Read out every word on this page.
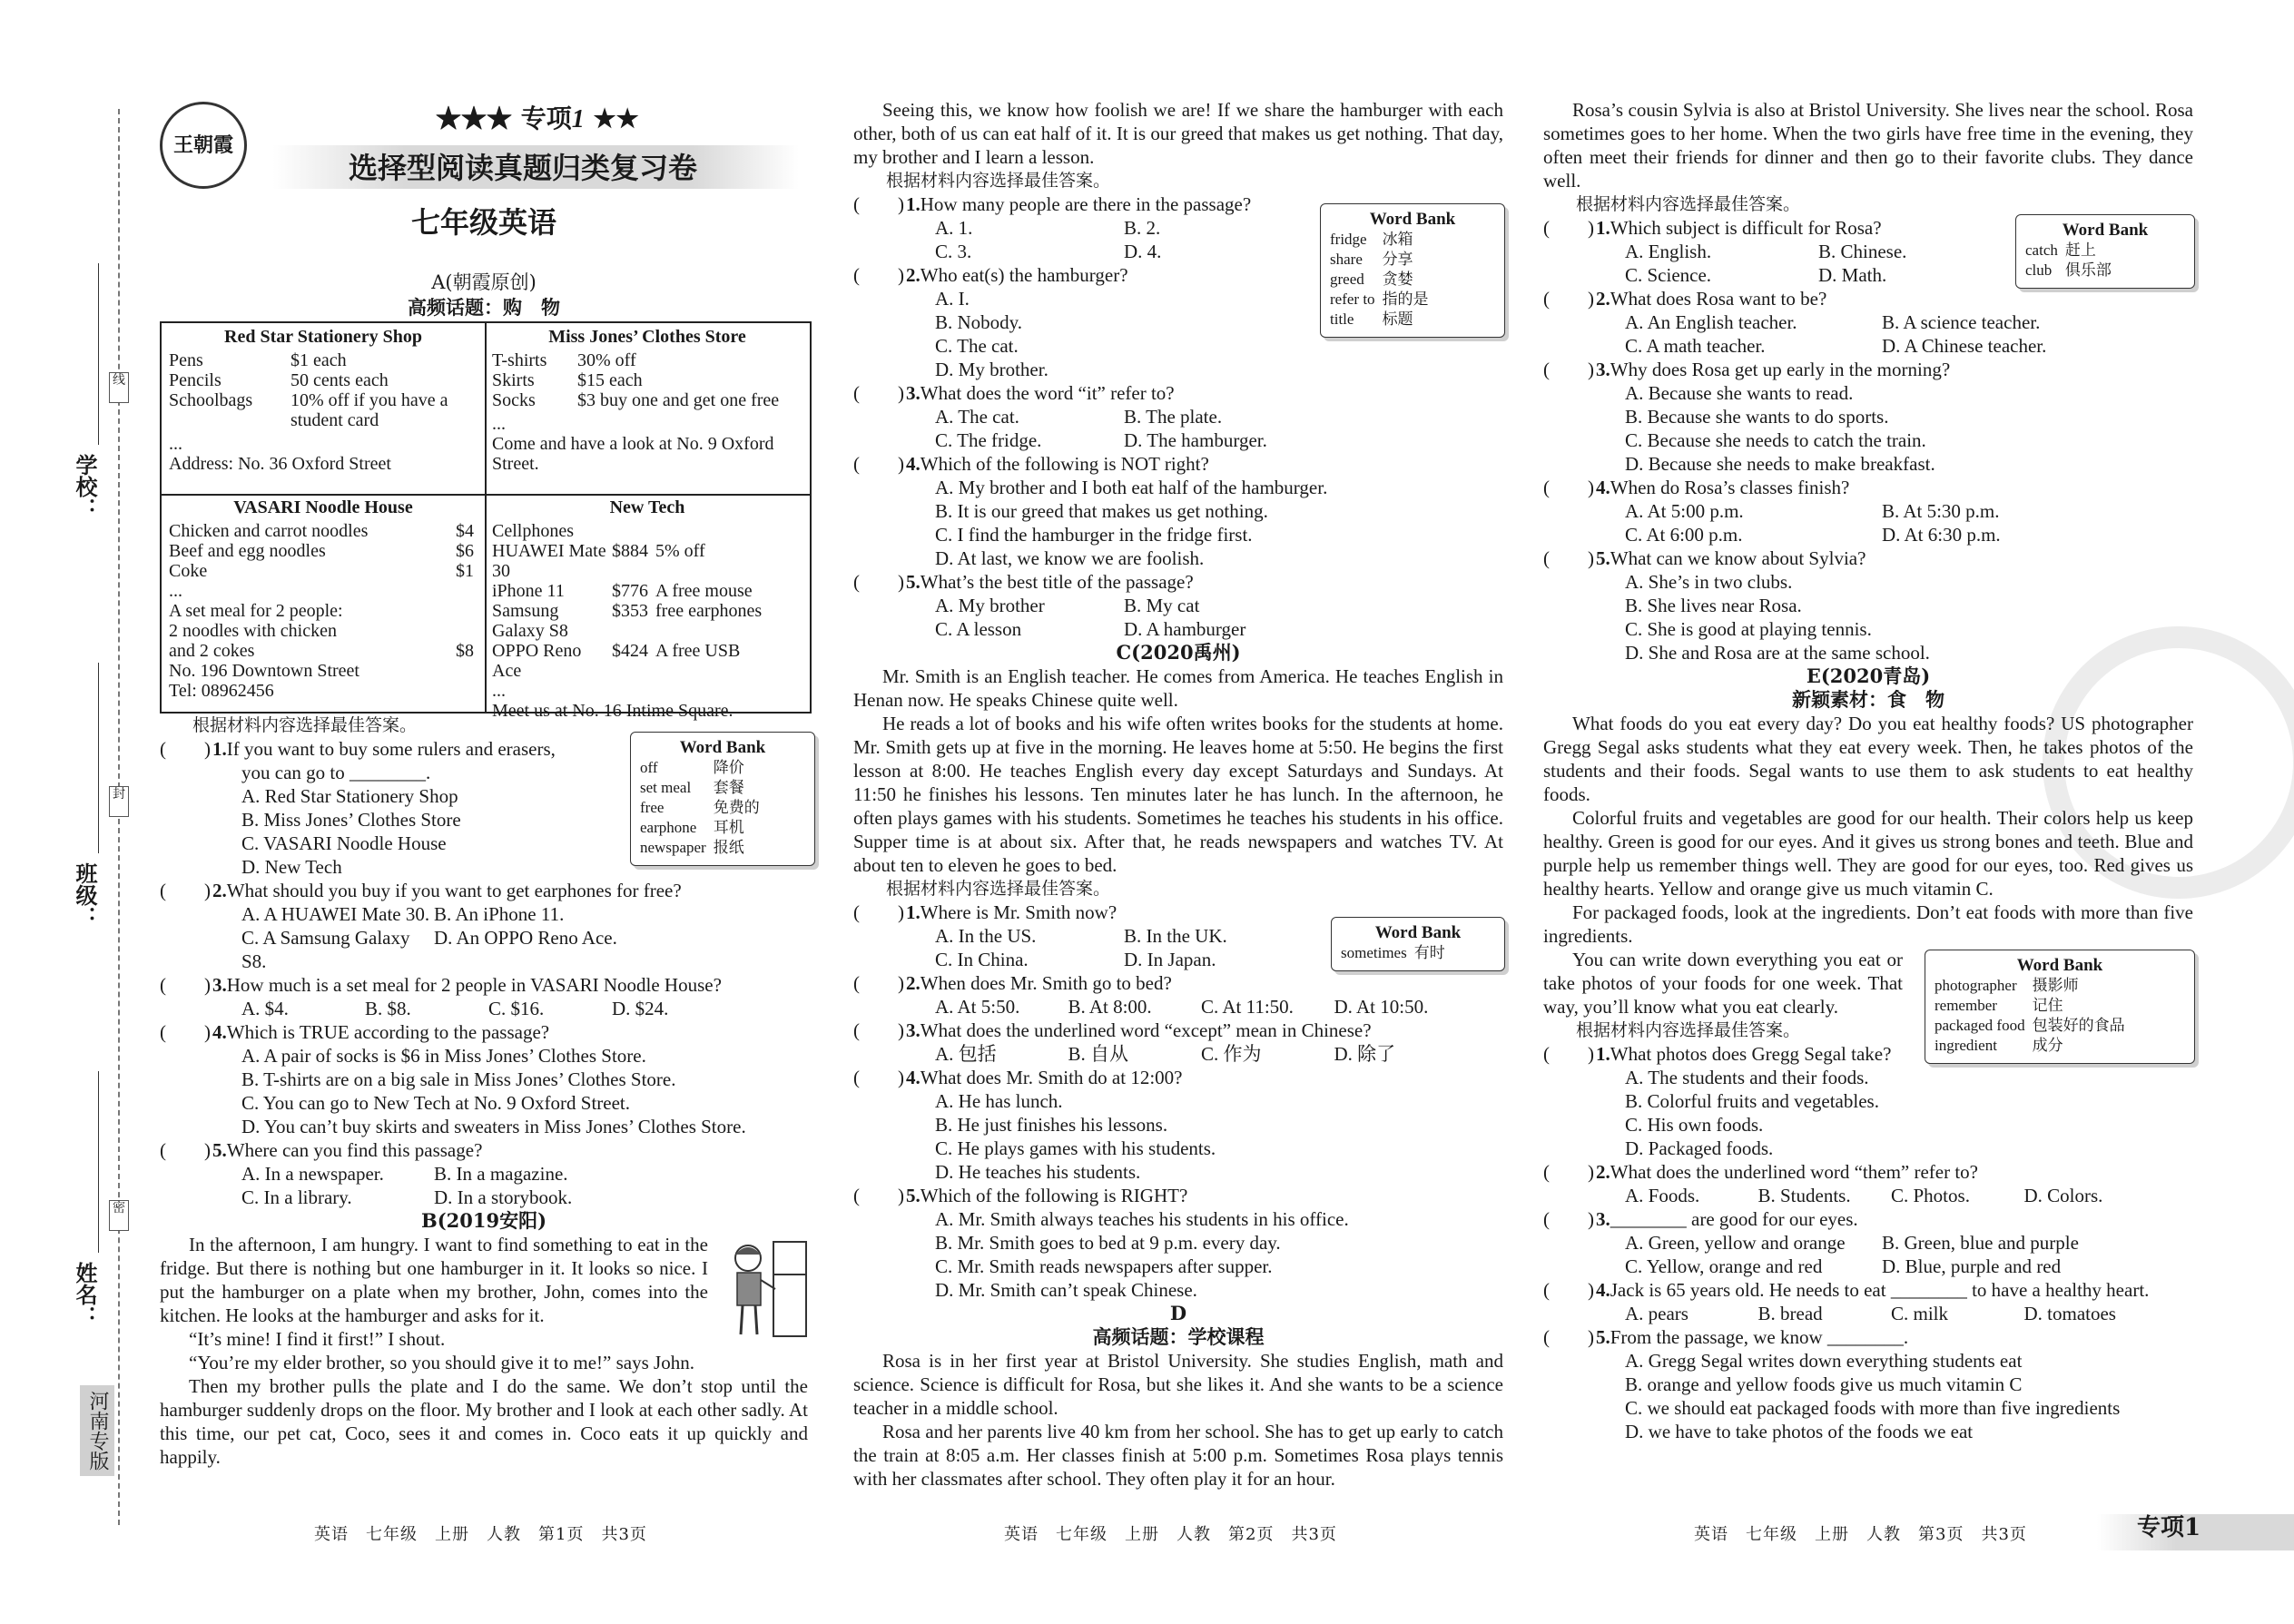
学校：
班级：
姓名：
线
封
密
河南专版
王朝霞
★★★ 专项1 ★★
选择型阅读真题归类复习卷
七年级英语
A(朝霞原创)
高频话题：购　物
Red Star Stationery Shop
Pens	$1 each
Pencils	50 cents each
Schoolbags	10% off if you have a student card
...
Address: No. 36 Oxford Street
Miss Jones’ Clothes Store
T-shirts	30% off
Skirts	$15 each
Socks	$3 buy one and get one free
...
Come and have a look at No. 9 Oxford Street.
VASARI Noodle House
Chicken and carrot noodles	$4
Beef and egg noodles	$6
Coke	$1
...	
A set meal for 2 people:	
2 noodles with chicken	
and 2 cokes	$8
No. 196 Downtown Street
Tel: 08962456
New Tech
Cellphones
HUAWEI Mate 30	$884	5% off
iPhone 11	$776	A free mouse
Samsung Galaxy S8	$353	free earphones
OPPO Reno Ace	$424	A free USB
...
Meet us at No. 16 Intime Square.
Word Bank
off	降价
set meal	套餐
free	免费的
earphone	耳机
newspaper	报纸

根据材料内容选择最佳答案。

(　　) 1.If you want to buy some rulers and erasers,

you can go to ________.

A. Red Star Stationery Shop

B. Miss Jones’ Clothes Store

C. VASARI Noodle House

D. New Tech

(　　) 2.What should you buy if you want to get earphones for free?
A. A HUAWEI Mate 30. B. An iPhone 11.
C. A Samsung Galaxy S8.
D. An OPPO Reno Ace.
(　　) 3.How much is a set meal for 2 people in VASARI Noodle House?
A. $4.	B. $8.	C. $16.	D. $24.
(　　) 4.Which is TRUE according to the passage?

A. A pair of socks is $6 in Miss Jones’ Clothes Store.

B. T-shirts are on a big sale in Miss Jones’ Clothes Store.

C. You can go to New Tech at No. 9 Oxford Street.

D. You can’t buy skirts and sweaters in Miss Jones’ Clothes Store.

(　　) 5.Where can you find this passage?
A. In a newspaper.	B. In a magazine.
C. In a library.	D. In a storybook.

B(2019安阳)

In the afternoon, I am hungry. I want to find something to eat in the fridge. But there is nothing but one hamburger in it. It looks so nice. I put the hamburger on a plate when my brother, John, comes into the kitchen. He looks at the hamburger and asks for it.

“It’s mine! I find it first!” I shout.

“You’re my elder brother, so you should give it to me!” says John.

Then my brother pulls the plate and I do the same. We don’t stop until the hamburger suddenly drops on the floor. My brother and I look at each other sadly. At this time, our pet cat, Coco, sees it and comes in. Coco eats it up quickly and happily.

Seeing this, we know how foolish we are! If we share the hamburger with each other, both of us can eat half of it. It is our greed that makes us get nothing. That day, my brother and I learn a lesson.

根据材料内容选择最佳答案。

(　　) 1.How many people are there in the passage?
A. 1.	B. 2.
C. 3.	D. 4.
(　　) 2.Who eat(s) the hamburger?

A. I.

B. Nobody.

C. The cat.

D. My brother.

(　　) 3.What does the word “it” refer to?
A. The cat.	B. The plate.
C. The fridge.	D. The hamburger.
(　　) 4.Which of the following is NOT right?

A. My brother and I both eat half of the hamburger.

B. It is our greed that makes us get nothing.

C. I find the hamburger in the fridge first.

D. At last, we know we are foolish.

(　　) 5.What’s the best title of the passage?
A. My brother	B. My cat
C. A lesson	D. A hamburger

C(2020禹州)

Mr. Smith is an English teacher. He comes from America. He teaches English in Henan now. He speaks Chinese quite well.

He reads a lot of books and his wife often writes books for the students at home. Mr. Smith gets up at five in the morning. He leaves home at 5:50. He begins the first lesson at 8:00. He teaches English every day except Saturdays and Sundays. At 11:50 he finishes his lessons. Ten minutes later he has lunch. In the afternoon, he often plays games with his students. Sometimes he teaches his students in his office. Supper time is at about six. After that, he reads newspapers and watches TV. At about ten to eleven he goes to bed.

根据材料内容选择最佳答案。

(　　) 1.Where is Mr. Smith now?
A. In the US.	B. In the UK.
C. In China.	D. In Japan.
(　　) 2.When does Mr. Smith go to bed?
A. At 5:50.	B. At 8:00.	C. At 11:50.	D. At 10:50.
(　　) 3.What does the underlined word “except” mean in Chinese?
A. 包括	B. 自从	C. 作为	D. 除了
(　　) 4.What does Mr. Smith do at 12:00?

A. He has lunch.

B. He just finishes his lessons.

C. He plays games with his students.

D. He teaches his students.

(　　) 5.Which of the following is RIGHT?

A. Mr. Smith always teaches his students in his office.

B. Mr. Smith goes to bed at 9 p.m. every day.

C. Mr. Smith reads newspapers after supper.

D. Mr. Smith can’t speak Chinese.

D

高频话题：学校课程

Rosa is in her first year at Bristol University. She studies English, math and science. Science is difficult for Rosa, but she likes it. And she wants to be a science teacher in a middle school.

Rosa and her parents live 40 km from her school. She has to get up early to catch the train at 8:05 a.m. Her classes finish at 5:00 p.m. Sometimes Rosa plays tennis with her classmates after school. They often play it for an hour.

Word Bank
fridge	冰箱
share	分享
greed	贪婪
refer to	指的是
title	标题
Word Bank
sometimes	有时

Rosa’s cousin Sylvia is also at Bristol University. She lives near the school. Rosa sometimes goes to her home. When the two girls have free time in the evening, they often meet their friends for dinner and then go to their favorite clubs. They dance well.

根据材料内容选择最佳答案。

(　　) 1.Which subject is difficult for Rosa?
A. English.	B. Chinese.
C. Science.	D. Math.
(　　) 2.What does Rosa want to be?
A. An English teacher.	B. A science teacher.
C. A math teacher.	D. A Chinese teacher.
(　　) 3.Why does Rosa get up early in the morning?

A. Because she wants to read.

B. Because she wants to do sports.

C. Because she needs to catch the train.

D. Because she needs to make breakfast.

(　　) 4.When do Rosa’s classes finish?
A. At 5:00 p.m.	B. At 5:30 p.m.
C. At 6:00 p.m.	D. At 6:30 p.m.
(　　) 5.What can we know about Sylvia?

A. She’s in two clubs.

B. She lives near Rosa.

C. She is good at playing tennis.

D. She and Rosa are at the same school.

E(2020青岛)

新颖素材：食　物

What foods do you eat every day? Do you eat healthy foods? US photographer Gregg Segal asks students what they eat every week. Then, he takes photos of the students and their foods. Segal wants to use them to ask students to eat healthy foods.

Colorful fruits and vegetables are good for our health. Their colors help us keep healthy. Green is good for our eyes. And it gives us strong bones and teeth. Blue and purple help us remember things well. They are good for our eyes, too. Red gives us healthy hearts. Yellow and orange give us much vitamin C.

For packaged foods, look at the ingredients. Don’t eat foods with more than five ingredients.

You can write down everything you eat or take photos of your foods for one week. That way, you’ll know what you eat clearly.

根据材料内容选择最佳答案。

(　　) 1.What photos does Gregg Segal take?

A. The students and their foods.

B. Colorful fruits and vegetables.

C. His own foods.

D. Packaged foods.

(　　) 2.What does the underlined word “them” refer to?
A. Foods.	B. Students.	C. Photos.	D. Colors.
(　　) 3.________ are good for our eyes.
A. Green, yellow and orange	B. Green, blue and purple
C. Yellow, orange and red	D. Blue, purple and red
(　　) 4.Jack is 65 years old. He needs to eat ________ to have a healthy heart.
A. pears	B. bread	C. milk	D. tomatoes
(　　) 5.From the passage, we know ________.

A. Gregg Segal writes down everything students eat

B. orange and yellow foods give us much vitamin C

C. we should eat packaged foods with more than five ingredients

D. we have to take photos of the foods we eat

Word Bank
catch	赶上
club	俱乐部
Word Bank
photographer	摄影师
remember	记住
packaged food	包装好的食品
ingredient	成分
英语　七年级　上册　人教　第1页　共3页	英语　七年级　上册　人教　第2页　共3页	英语　七年级　上册　人教　第3页　共3页	专项1
